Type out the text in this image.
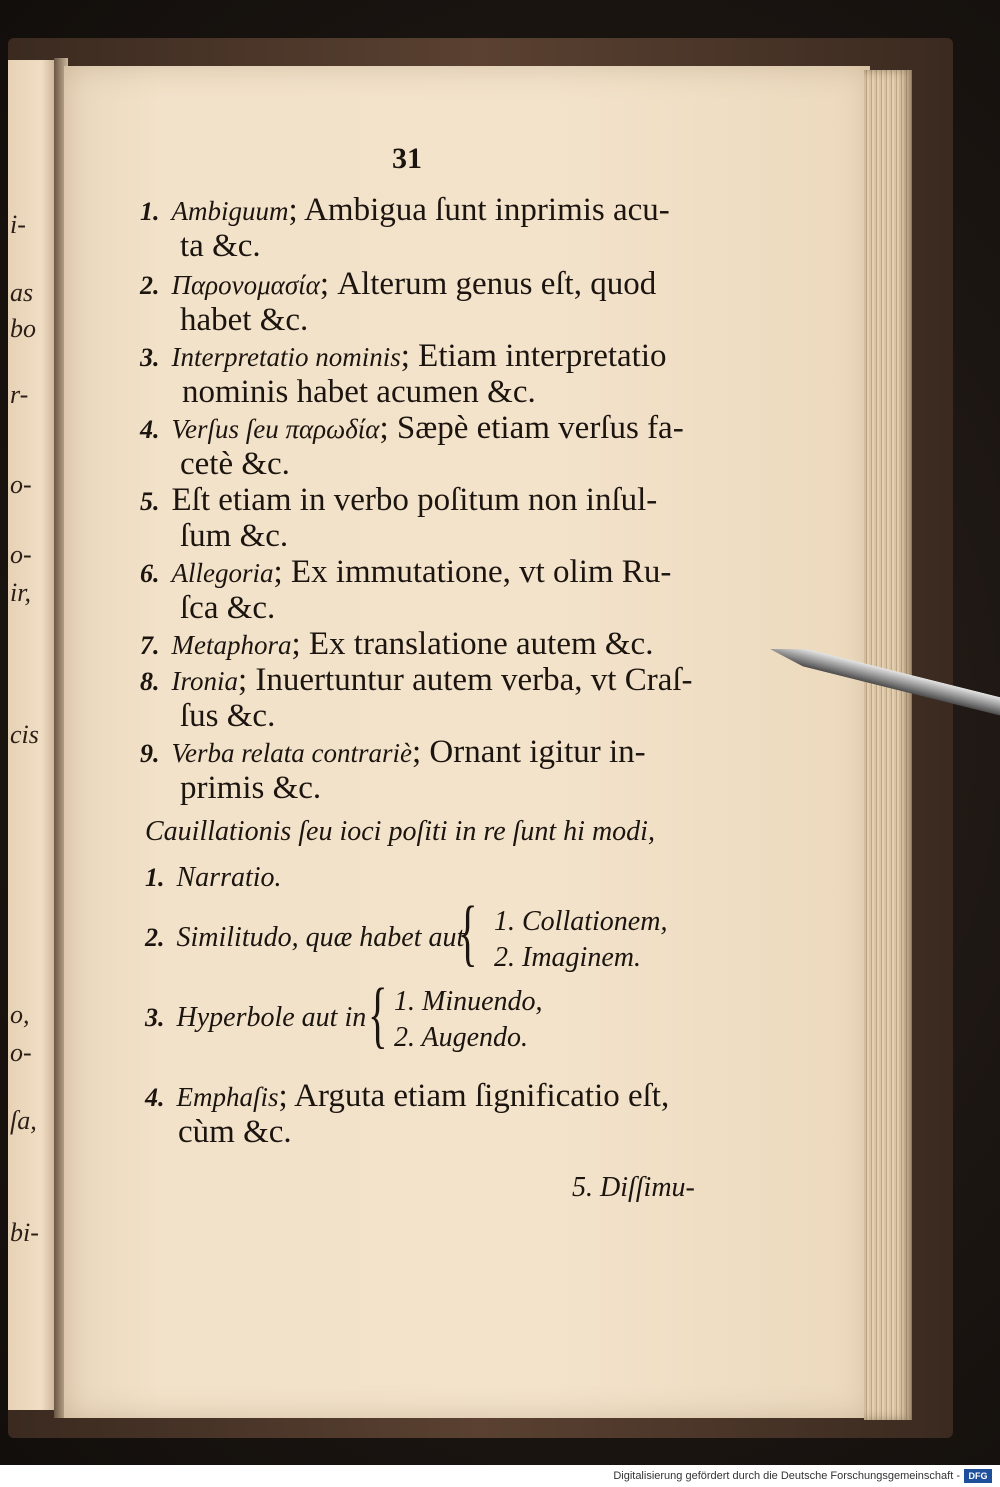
i-
as
bo
r-
o-
o-
ir,
cis
o,
o-
ſa,
bi-
31
1. Ambiguum; Ambigua ſunt inprimis acu-
ta &c.
2. Παρονομασία; Alterum genus eſt, quod
habet &c.
3. Interpretatio nominis; Etiam interpretatio
nominis habet acumen &c.
4. Verſus ſeu παρωδία; Sæpè etiam verſus fa-
cetè &c.
5. Eſt etiam in verbo poſitum non inſul-
ſum &c.
6. Allegoria; Ex immutatione, vt olim Ru-
ſca &c.
7. Metaphora; Ex translatione autem &c.
8. Ironia; Inuertuntur autem verba, vt Craſ-
ſus &c.
9. Verba relata contrariè; Ornant igitur in-
primis &c.
Cauillationis ſeu ioci poſiti in re ſunt hi modi,
1. Narratio.
2. Similitudo, quæ habet aut
{ 1. Collationem,
2. Imaginem.
3. Hyperbole aut in { 1. Minuendo,
2. Augendo.
4. Emphaſis; Arguta etiam ſignificatio eſt,
cùm &c.
5. Diſſimu-
Digitalisierung gefördert durch die Deutsche Forschungsgemeinschaft - DFG
